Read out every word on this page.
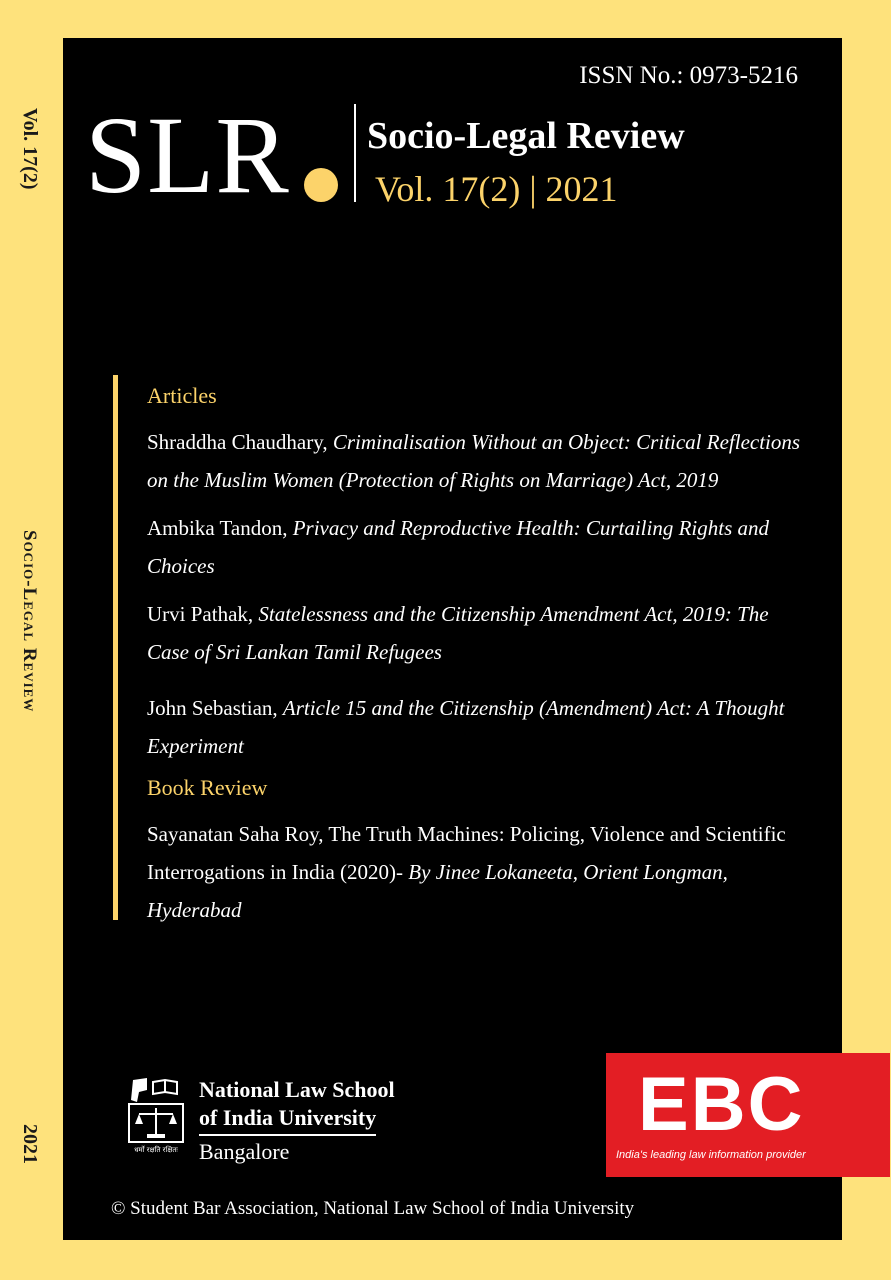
Vol. 17(2)
Socio-Legal Review
2021
ISSN No.: 0973-5216
SLR Socio-Legal Review
Vol. 17(2) | 2021
Articles
Shraddha Chaudhary, Criminalisation Without an Object: Critical Reflections on the Muslim Women (Protection of Rights on Marriage) Act, 2019
Ambika Tandon, Privacy and Reproductive Health: Curtailing Rights and Choices
Urvi Pathak, Statelessness and the Citizenship Amendment Act, 2019: The Case of Sri Lankan Tamil Refugees
John Sebastian, Article 15 and the Citizenship (Amendment) Act: A Thought Experiment
Book Review
Sayanatan Saha Roy, The Truth Machines: Policing, Violence and Scientific Interrogations in India (2020)- By Jinee Lokaneeta, Orient Longman, Hyderabad
धर्मो रक्षति रक्षितः
National Law School
of India University
Bangalore
EBC
India's leading law information provider
© Student Bar Association, National Law School of India University
